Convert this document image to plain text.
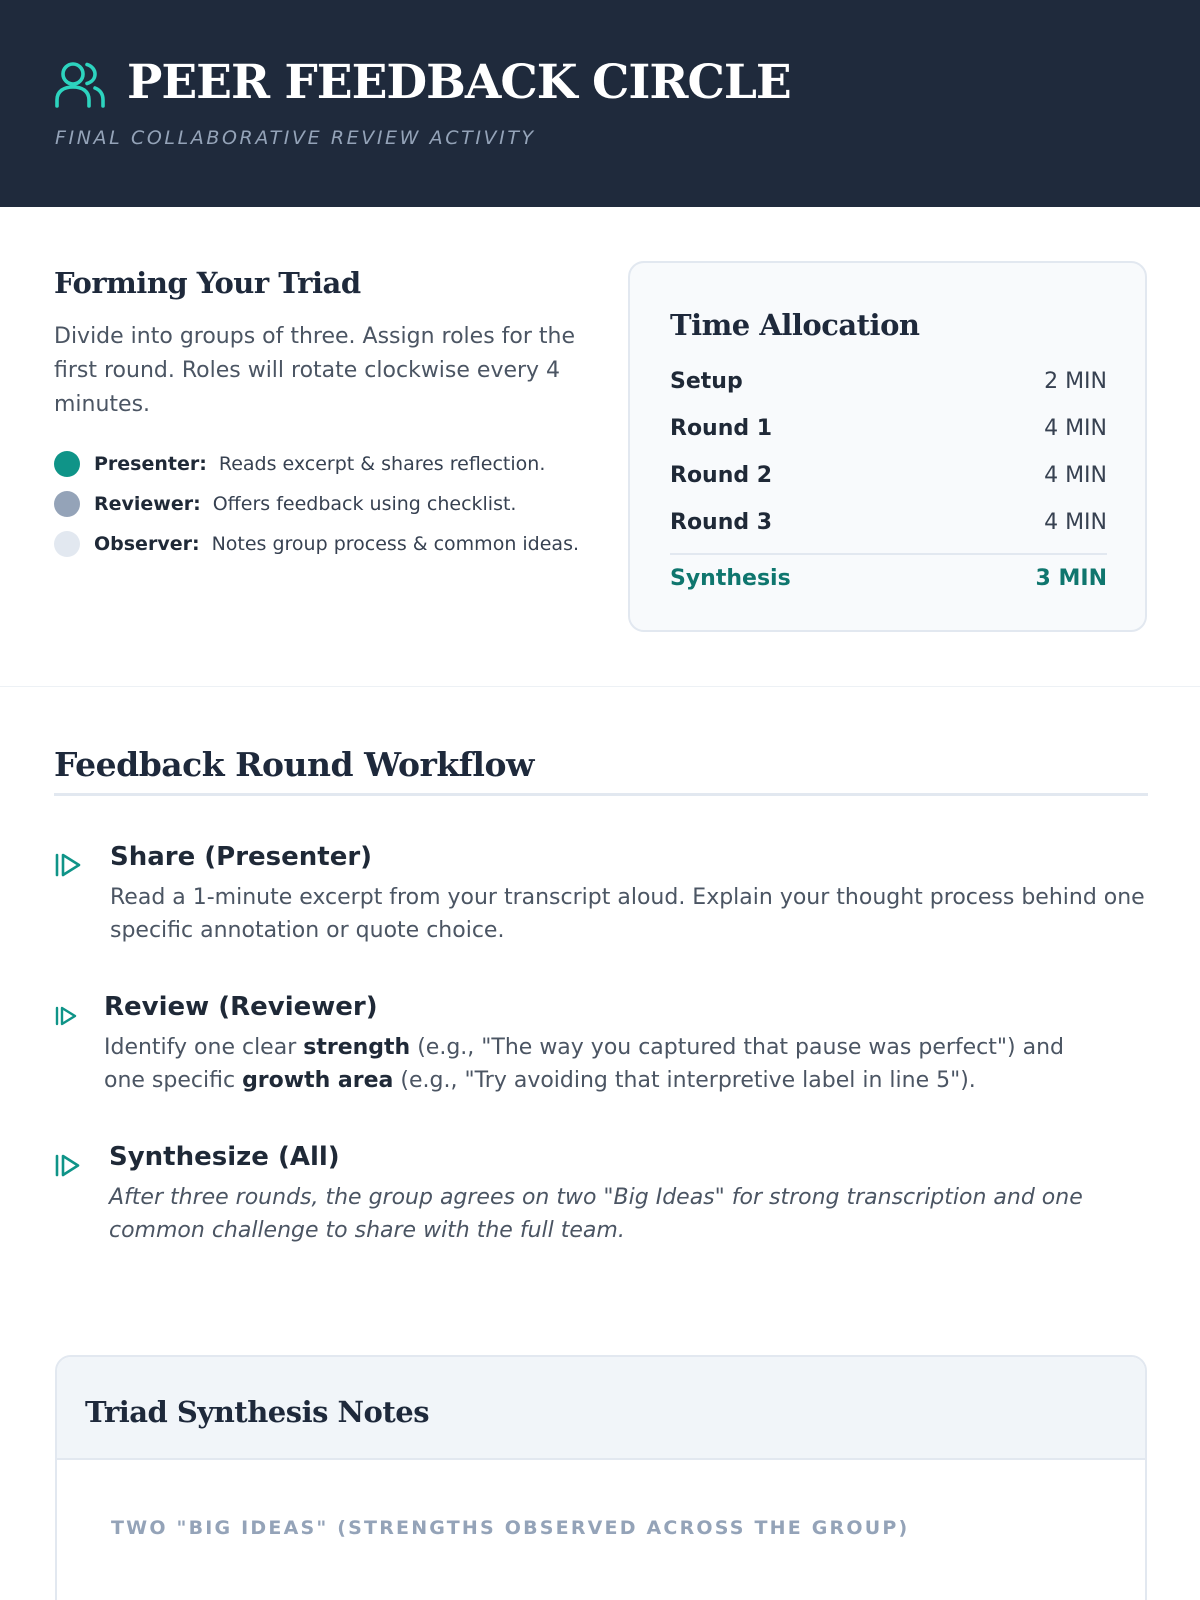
PEER FEEDBACK CIRCLE
FINAL COLLABORATIVE REVIEW ACTIVITY
Forming Your Triad
Divide into groups of three. Assign roles for the first round. Roles will rotate clockwise every 4 minutes.
Presenter: Reads excerpt & shares reflection.
Reviewer: Offers feedback using checklist.
Observer: Notes group process & common ideas.
Time Allocation
Setup	2 MIN
Round 1	4 MIN
Round 2	4 MIN
Round 3	4 MIN
Synthesis	3 MIN
Feedback Round Workflow
Share (Presenter)
Read a 1-minute excerpt from your transcript aloud. Explain your thought process behind one specific annotation or quote choice.
Review (Reviewer)
Identify one clear strength (e.g., "The way you captured that pause was perfect") and one specific growth area (e.g., "Try avoiding that interpretive label in line 5").
Synthesize (All)
After three rounds, the group agrees on two "Big Ideas" for strong transcription and one common challenge to share with the full team.
Triad Synthesis Notes
TWO "BIG IDEAS" (STRENGTHS OBSERVED ACROSS THE GROUP)
